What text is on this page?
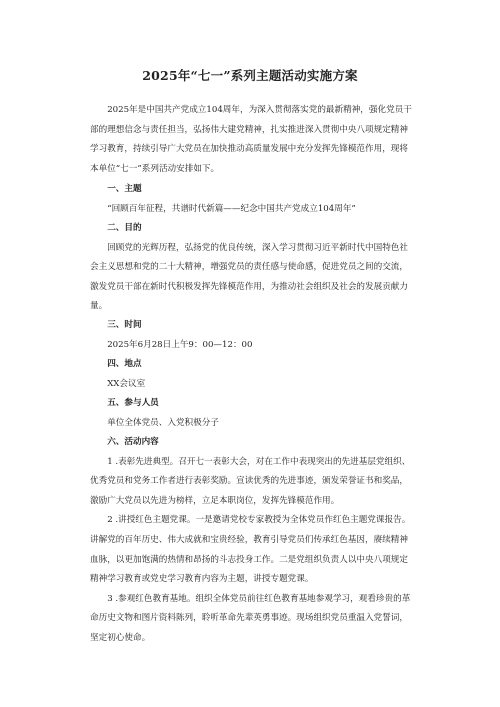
2025年“七一”系列主题活动实施方案

2025年是中国共产党成立104周年，为深入贯彻落实党的最新精神，强化党员干部的理想信念与责任担当，弘扬伟大建党精神，扎实推进深入贯彻中央八项规定精神学习教育，持续引导广大党员在加快推动高质量发展中充分发挥先锋模范作用，现将本单位“七一”系列活动安排如下。

一、主题

“回顾百年征程，共谱时代新篇——纪念中国共产党成立104周年”

二、目的

回顾党的光辉历程，弘扬党的优良传统，深入学习贯彻习近平新时代中国特色社会主义思想和党的二十大精神，增强党员的责任感与使命感，促进党员之间的交流，激发党员干部在新时代积极发挥先锋模范作用，为推动社会组织及社会的发展贡献力量。

三、时间

2025年6月28日上午9：00—12：00

四、地点

XX会议室

五、参与人员

单位全体党员、入党积极分子

六、活动内容

1 .表彰先进典型。召开七一表彰大会，对在工作中表现突出的先进基层党组织、优秀党员和党务工作者进行表彰奖励。宣读优秀的先进事迹，颁发荣誉证书和奖品，激励广大党员以先进为榜样，立足本职岗位，发挥先锋模范作用。

2 .讲授红色主题党课。一是邀请党校专家教授为全体党员作红色主题党课报告。讲解党的百年历史、伟大成就和宝贵经验，教育引导党员们传承红色基因，赓续精神血脉，以更加饱满的热情和昂扬的斗志投身工作。二是党组织负责人以中央八项规定精神学习教育或党史学习教育内容为主题，讲授专题党课。

3 .参观红色教育基地。组织全体党员前往红色教育基地参观学习，观看珍贵的革命历史文物和图片资料陈列，聆听革命先辈英勇事迹。现场组织党员重温入党誓词，坚定初心使命。
